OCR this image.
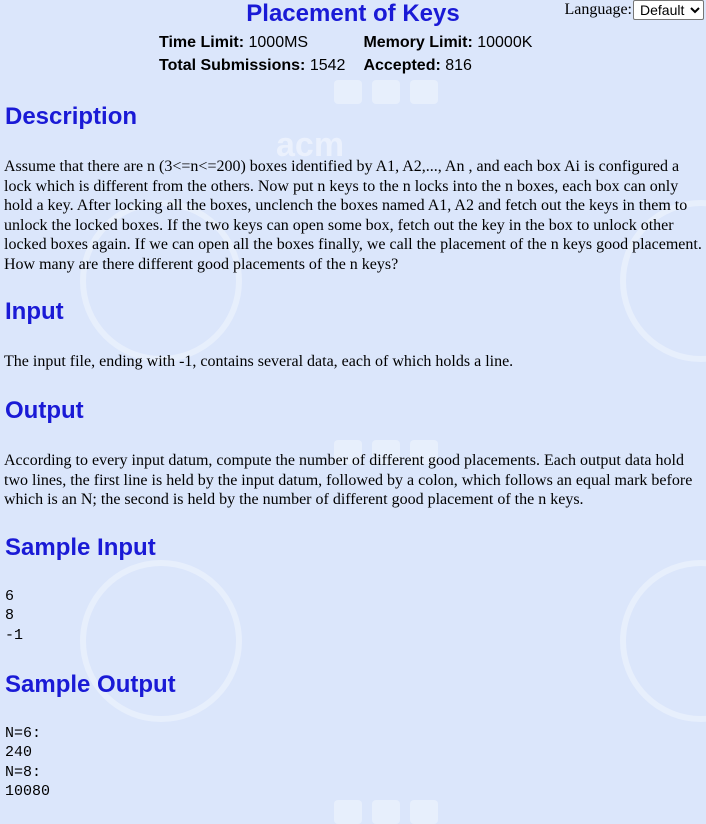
acm
Language:
Default
Placement of Keys
Time Limit: 1000MS	Memory Limit: 10000K
Total Submissions: 1542	Accepted: 816
Description
Assume that there are n (3<=n<=200) boxes identified by A1, A2,..., An , and each box Ai is configured a lock which is different from the others. Now put n keys to the n locks into the n boxes, each box can only hold a key. After locking all the boxes, unclench the boxes named A1, A2 and fetch out the keys in them to unlock the locked boxes. If the two keys can open some box, fetch out the key in the box to unlock other locked boxes again. If we can open all the boxes finally, we call the placement of the n keys good placement. How many are there different good placements of the n keys?
Input
The input file, ending with -1, contains several data, each of which holds a line.
Output
According to every input datum, compute the number of different good placements. Each output data hold two lines, the first line is held by the input datum, followed by a colon, which follows an equal mark before which is an N; the second is held by the number of different good placement of the n keys.
Sample Input
6
8
-1
Sample Output
N=6:
240
N=8:
10080
